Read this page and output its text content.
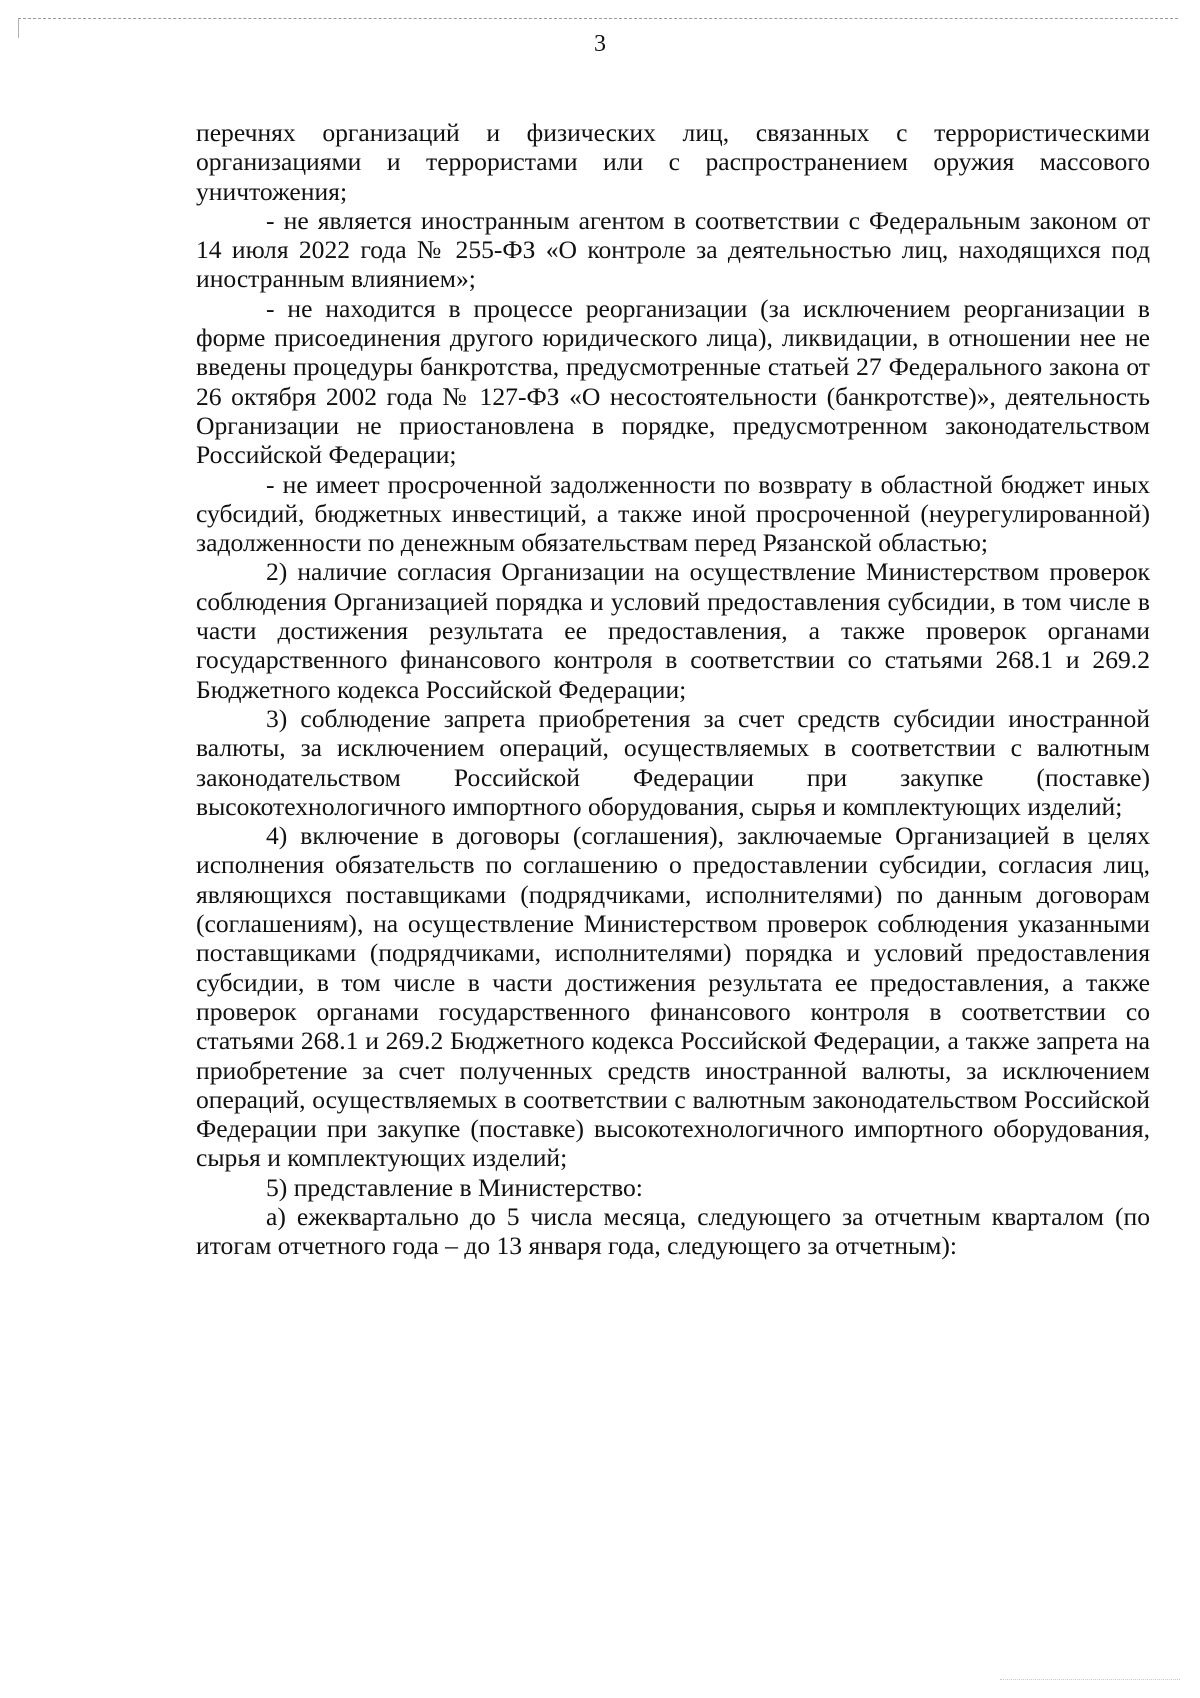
3

перечнях организаций и физических лиц, связанных с террористическими организациями и террористами или с распространением оружия массового уничтожения;

- не является иностранным агентом в соответствии с Федеральным законом от 14 июля 2022 года № 255-ФЗ «О контроле за деятельностью лиц, находящихся под иностранным влиянием»;

- не находится в процессе реорганизации (за исключением реорганизации в форме присоединения другого юридического лица), ликвидации, в отношении нее не введены процедуры банкротства, предусмотренные статьей 27 Федерального закона от 26 октября 2002 года № 127-ФЗ «О несостоятельности (банкротстве)», деятельность Организации не приостановлена в порядке, предусмотренном законодательством Российской Федерации;

- не имеет просроченной задолженности по возврату в областной бюджет иных субсидий, бюджетных инвестиций, а также иной просроченной (неурегулированной) задолженности по денежным обязательствам перед Рязанской областью;

2) наличие согласия Организации на осуществление Министерством проверок соблюдения Организацией порядка и условий предоставления субсидии, в том числе в части достижения результата ее предоставления, а также проверок органами государственного финансового контроля в соответствии со статьями 268.1 и 269.2 Бюджетного кодекса Российской Федерации;

3) соблюдение запрета приобретения за счет средств субсидии иностранной валюты, за исключением операций, осуществляемых в соответствии с валютным законодательством Российской Федерации при закупке (поставке) высокотехнологичного импортного оборудования, сырья и комплектующих изделий;

4) включение в договоры (соглашения), заключаемые Организацией в целях исполнения обязательств по соглашению о предоставлении субсидии, согласия лиц, являющихся поставщиками (подрядчиками, исполнителями) по данным договорам (соглашениям), на осуществление Министерством проверок соблюдения указанными поставщиками (подрядчиками, исполнителями) порядка и условий предоставления субсидии, в том числе в части достижения результата ее предоставления, а также проверок органами государственного финансового контроля в соответствии со статьями 268.1 и 269.2 Бюджетного кодекса Российской Федерации, а также запрета на приобретение за счет полученных средств иностранной валюты, за исключением операций, осуществляемых в соответствии с валютным законодательством Российской Федерации при закупке (поставке) высокотехнологичного импортного оборудования, сырья и комплектующих изделий;

5) представление в Министерство:

а) ежеквартально до 5 числа месяца, следующего за отчетным кварталом (по итогам отчетного года – до 13 января года, следующего за отчетным):
